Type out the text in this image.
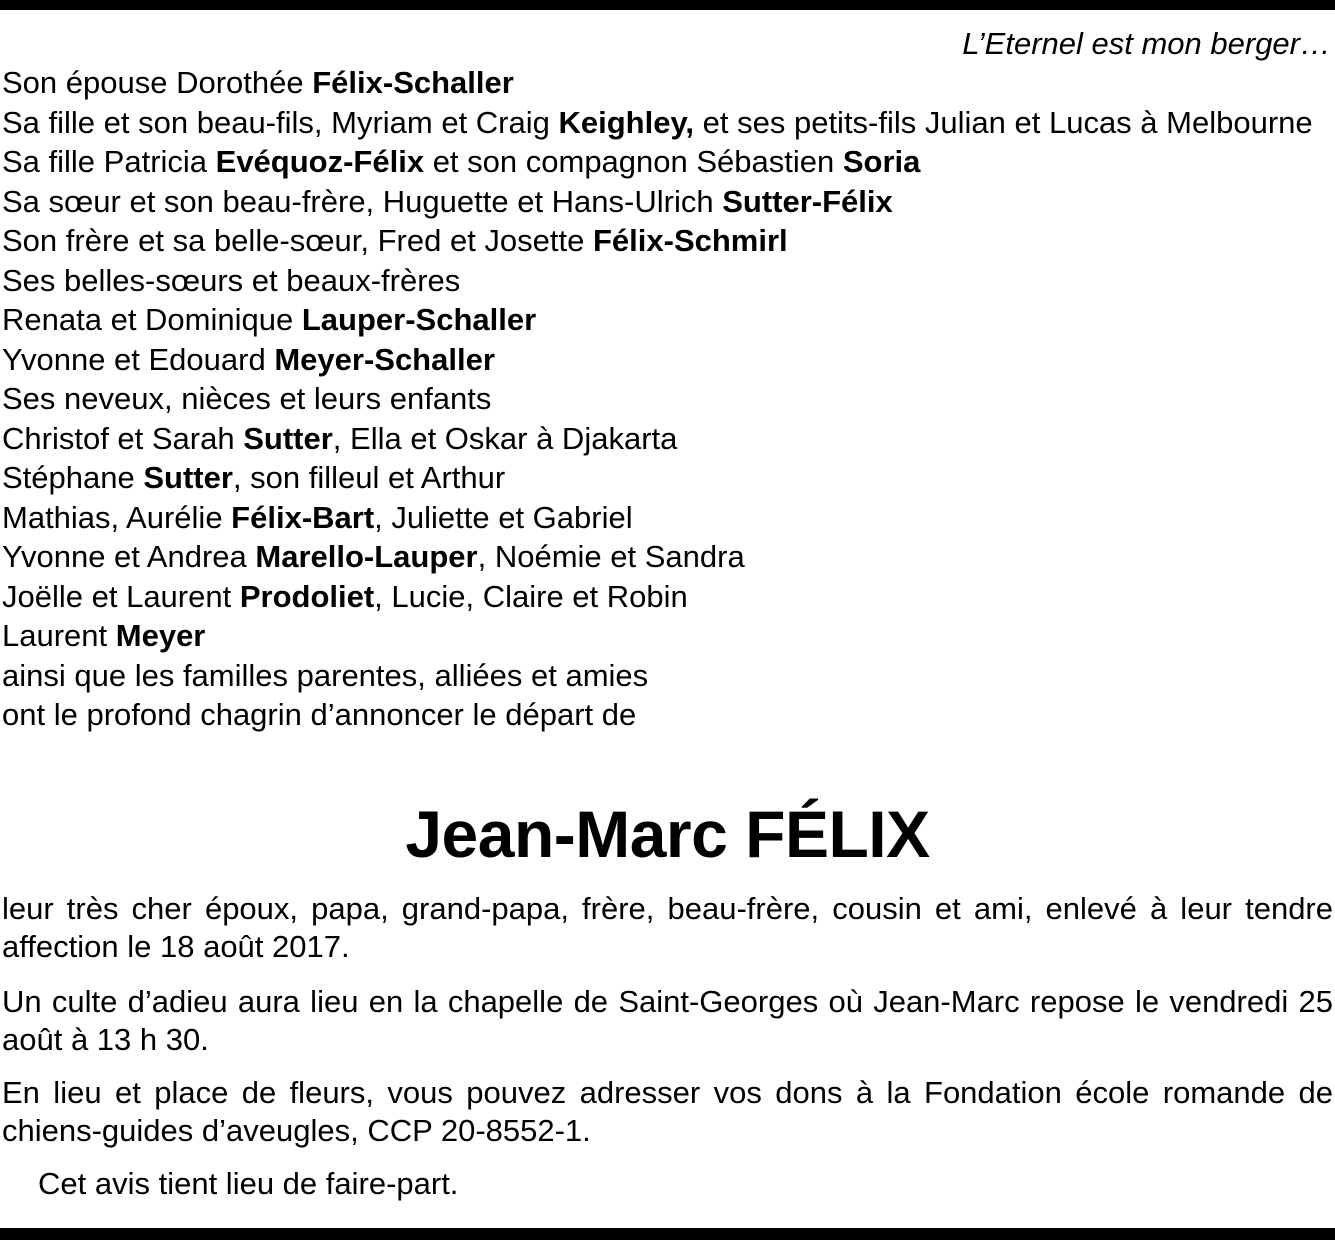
L’Eternel est mon berger…
Son épouse Dorothée Félix-Schaller
Sa fille et son beau-fils, Myriam et Craig Keighley, et ses petits-fils Julian et Lucas à Melbourne
Sa fille Patricia Evéquoz-Félix et son compagnon Sébastien Soria
Sa sœur et son beau-frère, Huguette et Hans-Ulrich Sutter-Félix
Son frère et sa belle-sœur, Fred et Josette Félix-Schmirl
Ses belles-sœurs et beaux-frères
Renata et Dominique Lauper-Schaller
Yvonne et Edouard Meyer-Schaller
Ses neveux, nièces et leurs enfants
Christof et Sarah Sutter, Ella et Oskar à Djakarta
Stéphane Sutter, son filleul et Arthur
Mathias, Aurélie Félix-Bart, Juliette et Gabriel
Yvonne et Andrea Marello-Lauper, Noémie et Sandra
Joëlle et Laurent Prodoliet, Lucie, Claire et Robin
Laurent Meyer
ainsi que les familles parentes, alliées et amies
ont le profond chagrin d’annoncer le départ de
Jean-Marc FÉLIX
leur très cher époux, papa, grand-papa, frère, beau-frère, cousin et ami, enlevé à leur tendre affection le 18 août 2017.
Un culte d’adieu aura lieu en la chapelle de Saint-Georges où Jean-Marc repose le vendredi 25 août à 13 h 30.
En lieu et place de fleurs, vous pouvez adresser vos dons à la Fondation école romande de chiens-guides d’aveugles, CCP 20-8552-1.
Cet avis tient lieu de faire-part.
